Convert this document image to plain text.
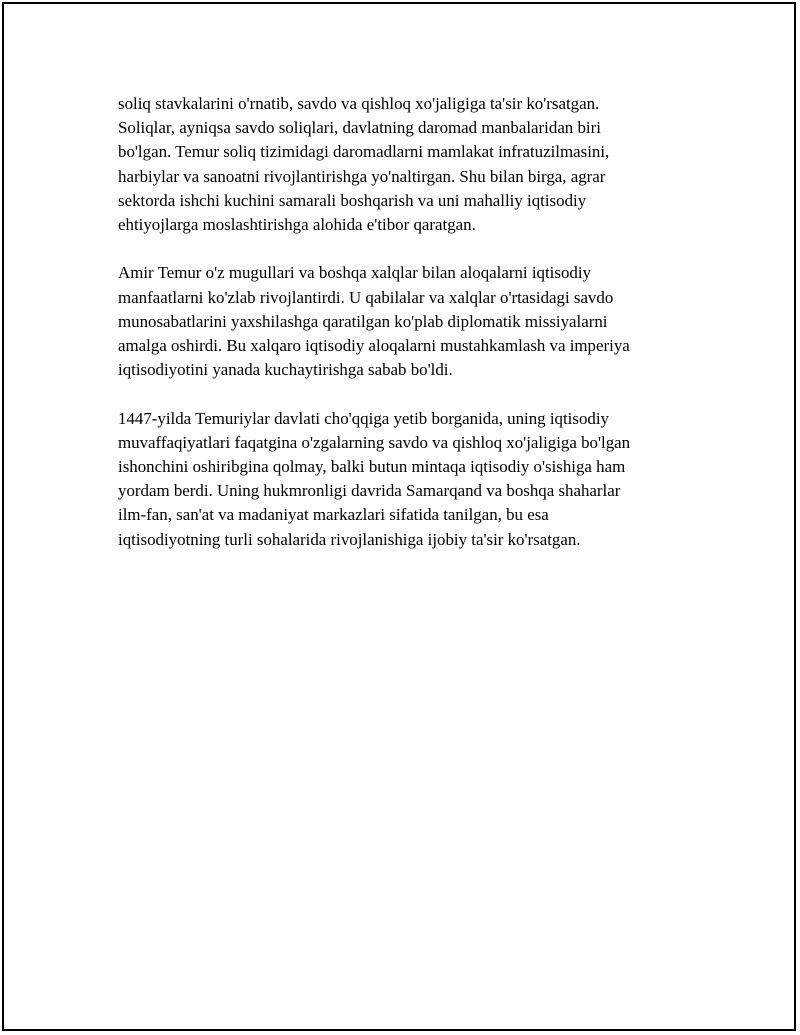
soliq stavkalarini o'rnatib, savdo va qishloq xo'jaligiga ta'sir ko'rsatgan.
Soliqlar, ayniqsa savdo soliqlari, davlatning daromad manbalaridan biri
bo'lgan. Temur soliq tizimidagi daromadlarni mamlakat infratuzilmasini,
harbiylar va sanoatni rivojlantirishga yo'naltirgan. Shu bilan birga, agrar
sektorda ishchi kuchini samarali boshqarish va uni mahalliy iqtisodiy
ehtiyojlarga moslashtirishga alohida e'tibor qaratgan.

Amir Temur o'z mugullari va boshqa xalqlar bilan aloqalarni iqtisodiy
manfaatlarni ko'zlab rivojlantirdi. U qabilalar va xalqlar o'rtasidagi savdo
munosabatlarini yaxshilashga qaratilgan ko'plab diplomatik missiyalarni
amalga oshirdi. Bu xalqaro iqtisodiy aloqalarni mustahkamlash va imperiya
iqtisodiyotini yanada kuchaytirishga sabab bo'ldi.

1447-yilda Temuriylar davlati cho'qqiga yetib borganida, uning iqtisodiy
muvaffaqiyatlari faqatgina o'zgalarning savdo va qishloq xo'jaligiga bo'lgan
ishonchini oshiribgina qolmay, balki butun mintaqa iqtisodiy o'sishiga ham
yordam berdi. Uning hukmronligi davrida Samarqand va boshqa shaharlar
ilm-fan, san'at va madaniyat markazlari sifatida tanilgan, bu esa
iqtisodiyotning turli sohalarida rivojlanishiga ijobiy ta'sir ko'rsatgan.
